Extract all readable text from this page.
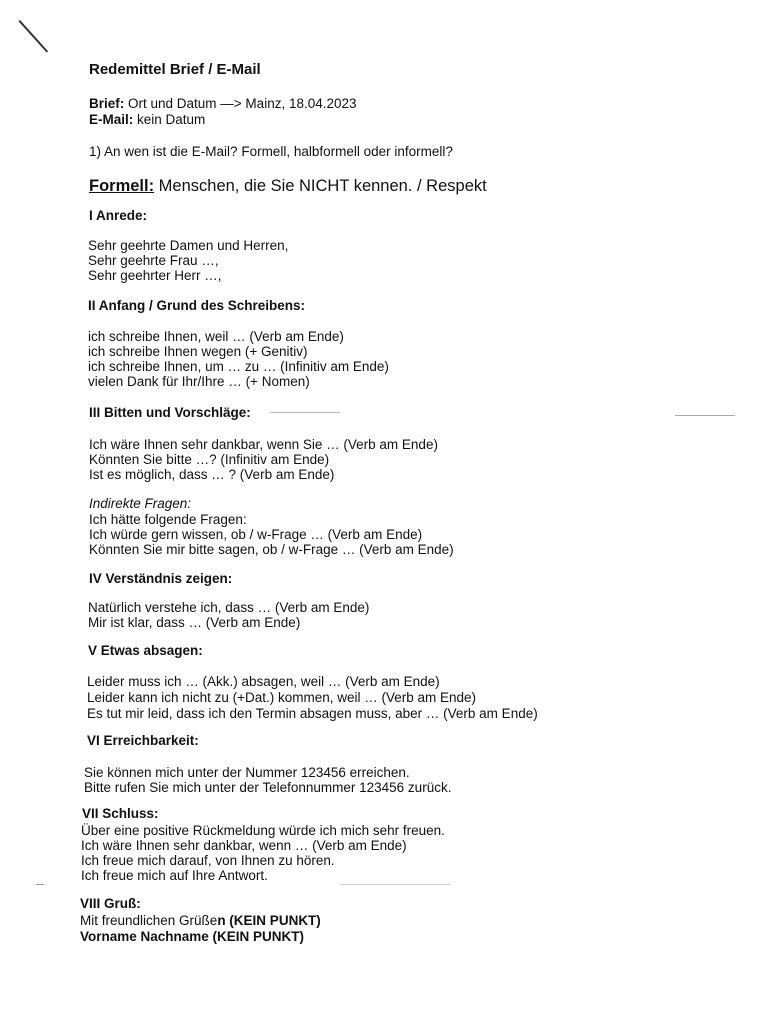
Redemittel Brief / E-Mail
Brief: Ort und Datum —> Mainz, 18.04.2023
E-Mail: kein Datum
1) An wen ist die E-Mail? Formell, halbformell oder informell?
Formell: Menschen, die Sie NICHT kennen. / Respekt
I Anrede:
Sehr geehrte Damen und Herren,
Sehr geehrte Frau …,
Sehr geehrter Herr …,
II Anfang / Grund des Schreibens:
ich schreibe Ihnen, weil … (Verb am Ende)
ich schreibe Ihnen wegen (+ Genitiv)
ich schreibe Ihnen, um … zu … (Infinitiv am Ende)
vielen Dank für Ihr/Ihre … (+ Nomen)
III Bitten und Vorschläge:
Ich wäre Ihnen sehr dankbar, wenn Sie … (Verb am Ende)
Könnten Sie bitte …? (Infinitiv am Ende)
Ist es möglich, dass … ? (Verb am Ende)
Indirekte Fragen:
Ich hätte folgende Fragen:
Ich würde gern wissen, ob / w-Frage … (Verb am Ende)
Könnten Sie mir bitte sagen, ob / w-Frage … (Verb am Ende)
IV Verständnis zeigen:
Natürlich verstehe ich, dass … (Verb am Ende)
Mir ist klar, dass … (Verb am Ende)
V Etwas absagen:
Leider muss ich … (Akk.) absagen, weil … (Verb am Ende)
Leider kann ich nicht zu (+Dat.) kommen, weil … (Verb am Ende)
Es tut mir leid, dass ich den Termin absagen muss, aber … (Verb am Ende)
VI Erreichbarkeit:
Sie können mich unter der Nummer 123456 erreichen.
Bitte rufen Sie mich unter der Telefonnummer 123456 zurück.
VII Schluss:
Über eine positive Rückmeldung würde ich mich sehr freuen.
Ich wäre Ihnen sehr dankbar, wenn … (Verb am Ende)
Ich freue mich darauf, von Ihnen zu hören.
Ich freue mich auf Ihre Antwort.
VIII Gruß:
Mit freundlichen Grüßen (KEIN PUNKT)
Vorname Nachname (KEIN PUNKT)
